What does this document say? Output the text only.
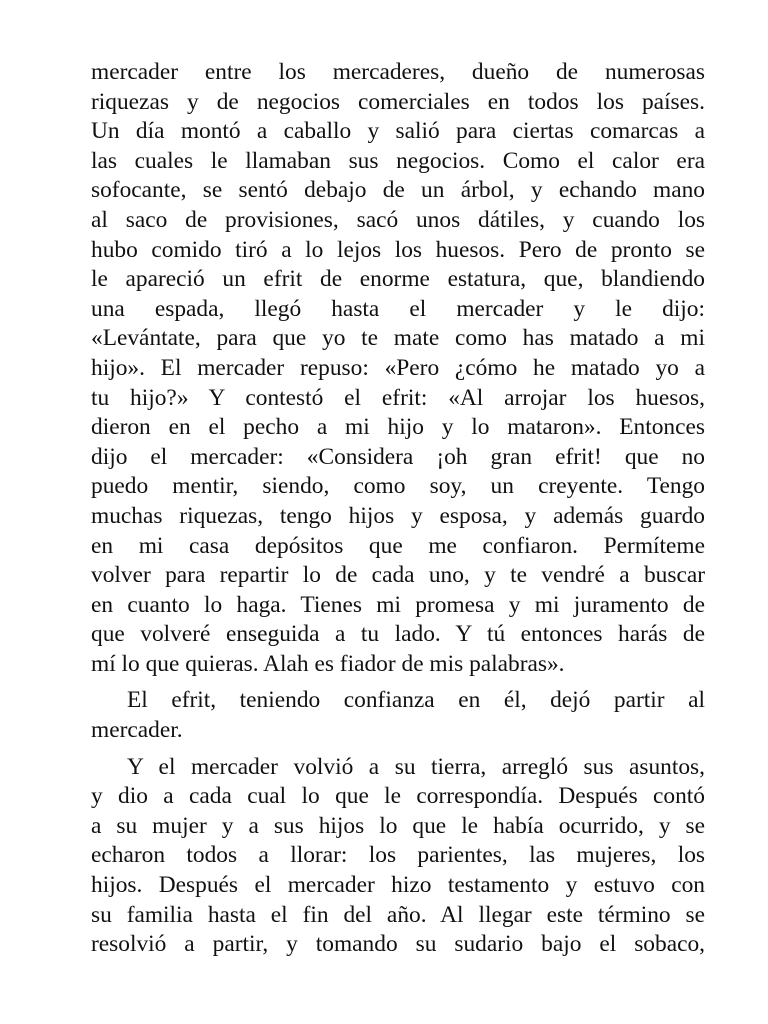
mercader entre los mercaderes, dueño de numerosas
riquezas y de negocios comerciales en todos los países.
Un día montó a caballo y salió para ciertas comarcas a
las cuales le llamaban sus negocios. Como el calor era
sofocante, se sentó debajo de un árbol, y echando mano
al saco de provisiones, sacó unos dátiles, y cuando los
hubo comido tiró a lo lejos los huesos. Pero de pronto se
le apareció un efrit de enorme estatura, que, blandiendo
una espada, llegó hasta el mercader y le dijo:
«Levántate, para que yo te mate como has matado a mi
hijo». El mercader repuso: «Pero ¿cómo he matado yo a
tu hijo?» Y contestó el efrit: «Al arrojar los huesos,
dieron en el pecho a mi hijo y lo mataron». Entonces
dijo el mercader: «Considera ¡oh gran efrit! que no
puedo mentir, siendo, como soy, un creyente. Tengo
muchas riquezas, tengo hijos y esposa, y además guardo
en mi casa depósitos que me confiaron. Permíteme
volver para repartir lo de cada uno, y te vendré a buscar
en cuanto lo haga. Tienes mi promesa y mi juramento de
que volveré enseguida a tu lado. Y tú entonces harás de
mí lo que quieras. Alah es fiador de mis palabras».
El efrit, teniendo confianza en él, dejó partir al
mercader.
Y el mercader volvió a su tierra, arregló sus asuntos,
y dio a cada cual lo que le correspondía. Después contó
a su mujer y a sus hijos lo que le había ocurrido, y se
echaron todos a llorar: los parientes, las mujeres, los
hijos. Después el mercader hizo testamento y estuvo con
su familia hasta el fin del año. Al llegar este término se
resolvió a partir, y tomando su sudario bajo el sobaco,
